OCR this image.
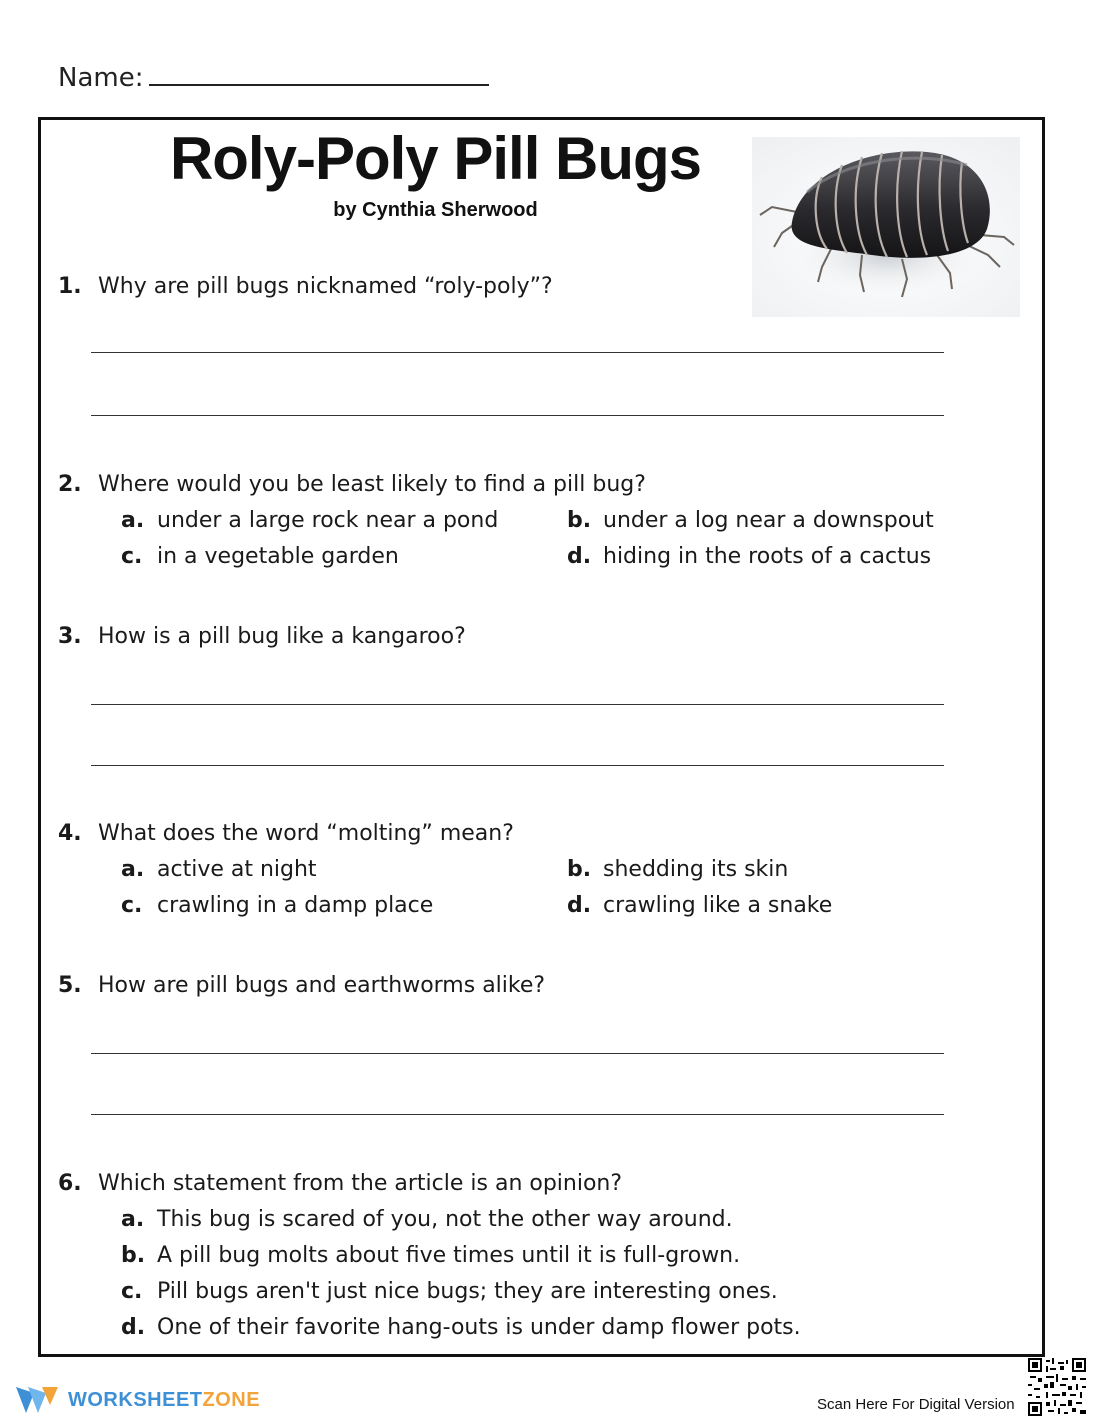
Name:
Roly-Poly Pill Bugs
by Cynthia Sherwood
1. Why are pill bugs nicknamed “roly-poly”?
2. Where would you be least likely to find a pill bug?
a. under a large rock near a pond	b. under a log near a downspout
c. in a vegetable garden	d. hiding in the roots of a cactus
3. How is a pill bug like a kangaroo?
4. What does the word “molting” mean?
a. active at night	b. shedding its skin
c. crawling in a damp place	d. crawling like a snake
5. How are pill bugs and earthworms alike?
6. Which statement from the article is an opinion?
a. This bug is scared of you, not the other way around.
b. A pill bug molts about five times until it is full-grown.
c. Pill bugs aren't just nice bugs; they are interesting ones.
d. One of their favorite hang-outs is under damp flower pots.
WORKSHEETZONE	Scan Here For Digital Version
